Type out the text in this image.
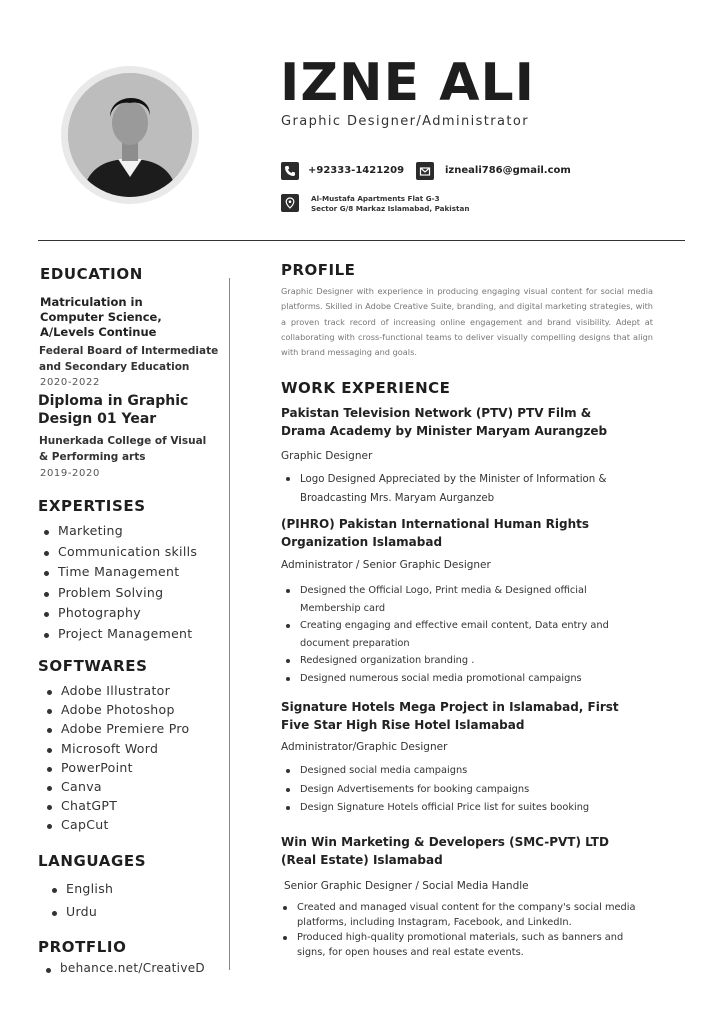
IZNE ALI
Graphic Designer/Administrator
+92333-1421209	izneali786@gmail.com
Al-Mustafa Apartments Flat G-3
Sector G/8 Markaz Islamabad, Pakistan
EDUCATION
Matriculation in Computer Science, A/Levels Continue
Federal Board of Intermediate and Secondary Education
2020-2022
Diploma in Graphic Design 01 Year
Hunerkada College of Visual & Performing arts
2019-2020
EXPERTISES
Marketing
Communication skills
Time Management
Problem Solving
Photography
Project Management
SOFTWARES
Adobe Illustrator
Adobe Photoshop
Adobe Premiere Pro
Microsoft Word
PowerPoint
Canva
ChatGPT
CapCut
LANGUAGES
English
Urdu
PROTFLIO
behance.net/CreativeD
PROFILE
Graphic Designer with experience in producing engaging visual content for social media platforms. Skilled in Adobe Creative Suite, branding, and digital marketing strategies, with a proven track record of increasing online engagement and brand visibility. Adept at collaborating with cross-functional teams to deliver visually compelling designs that align with brand messaging and goals.
WORK EXPERIENCE
Pakistan Television Network (PTV) PTV Film & Drama Academy by Minister Maryam Aurangzeb
Graphic Designer
Logo Designed Appreciated by the Minister of Information & Broadcasting Mrs. Maryam Aurganzeb
(PIHRO) Pakistan International Human Rights Organization Islamabad
Administrator / Senior Graphic Designer
Designed the Official Logo, Print media & Designed official Membership card
Creating engaging and effective email content, Data entry and document preparation
Redesigned organization branding .
Designed numerous social media promotional campaigns
Signature Hotels Mega Project in Islamabad, First Five Star High Rise Hotel Islamabad
Administrator/Graphic Designer
Designed social media campaigns
Design Advertisements for booking campaigns
Design Signature Hotels official Price list for suites booking
Win Win Marketing & Developers (SMC-PVT) LTD (Real Estate) Islamabad
Senior Graphic Designer / Social Media Handle
Created and managed visual content for the company's social media platforms, including Instagram, Facebook, and LinkedIn.
Produced high-quality promotional materials, such as banners and signs, for open houses and real estate events.
